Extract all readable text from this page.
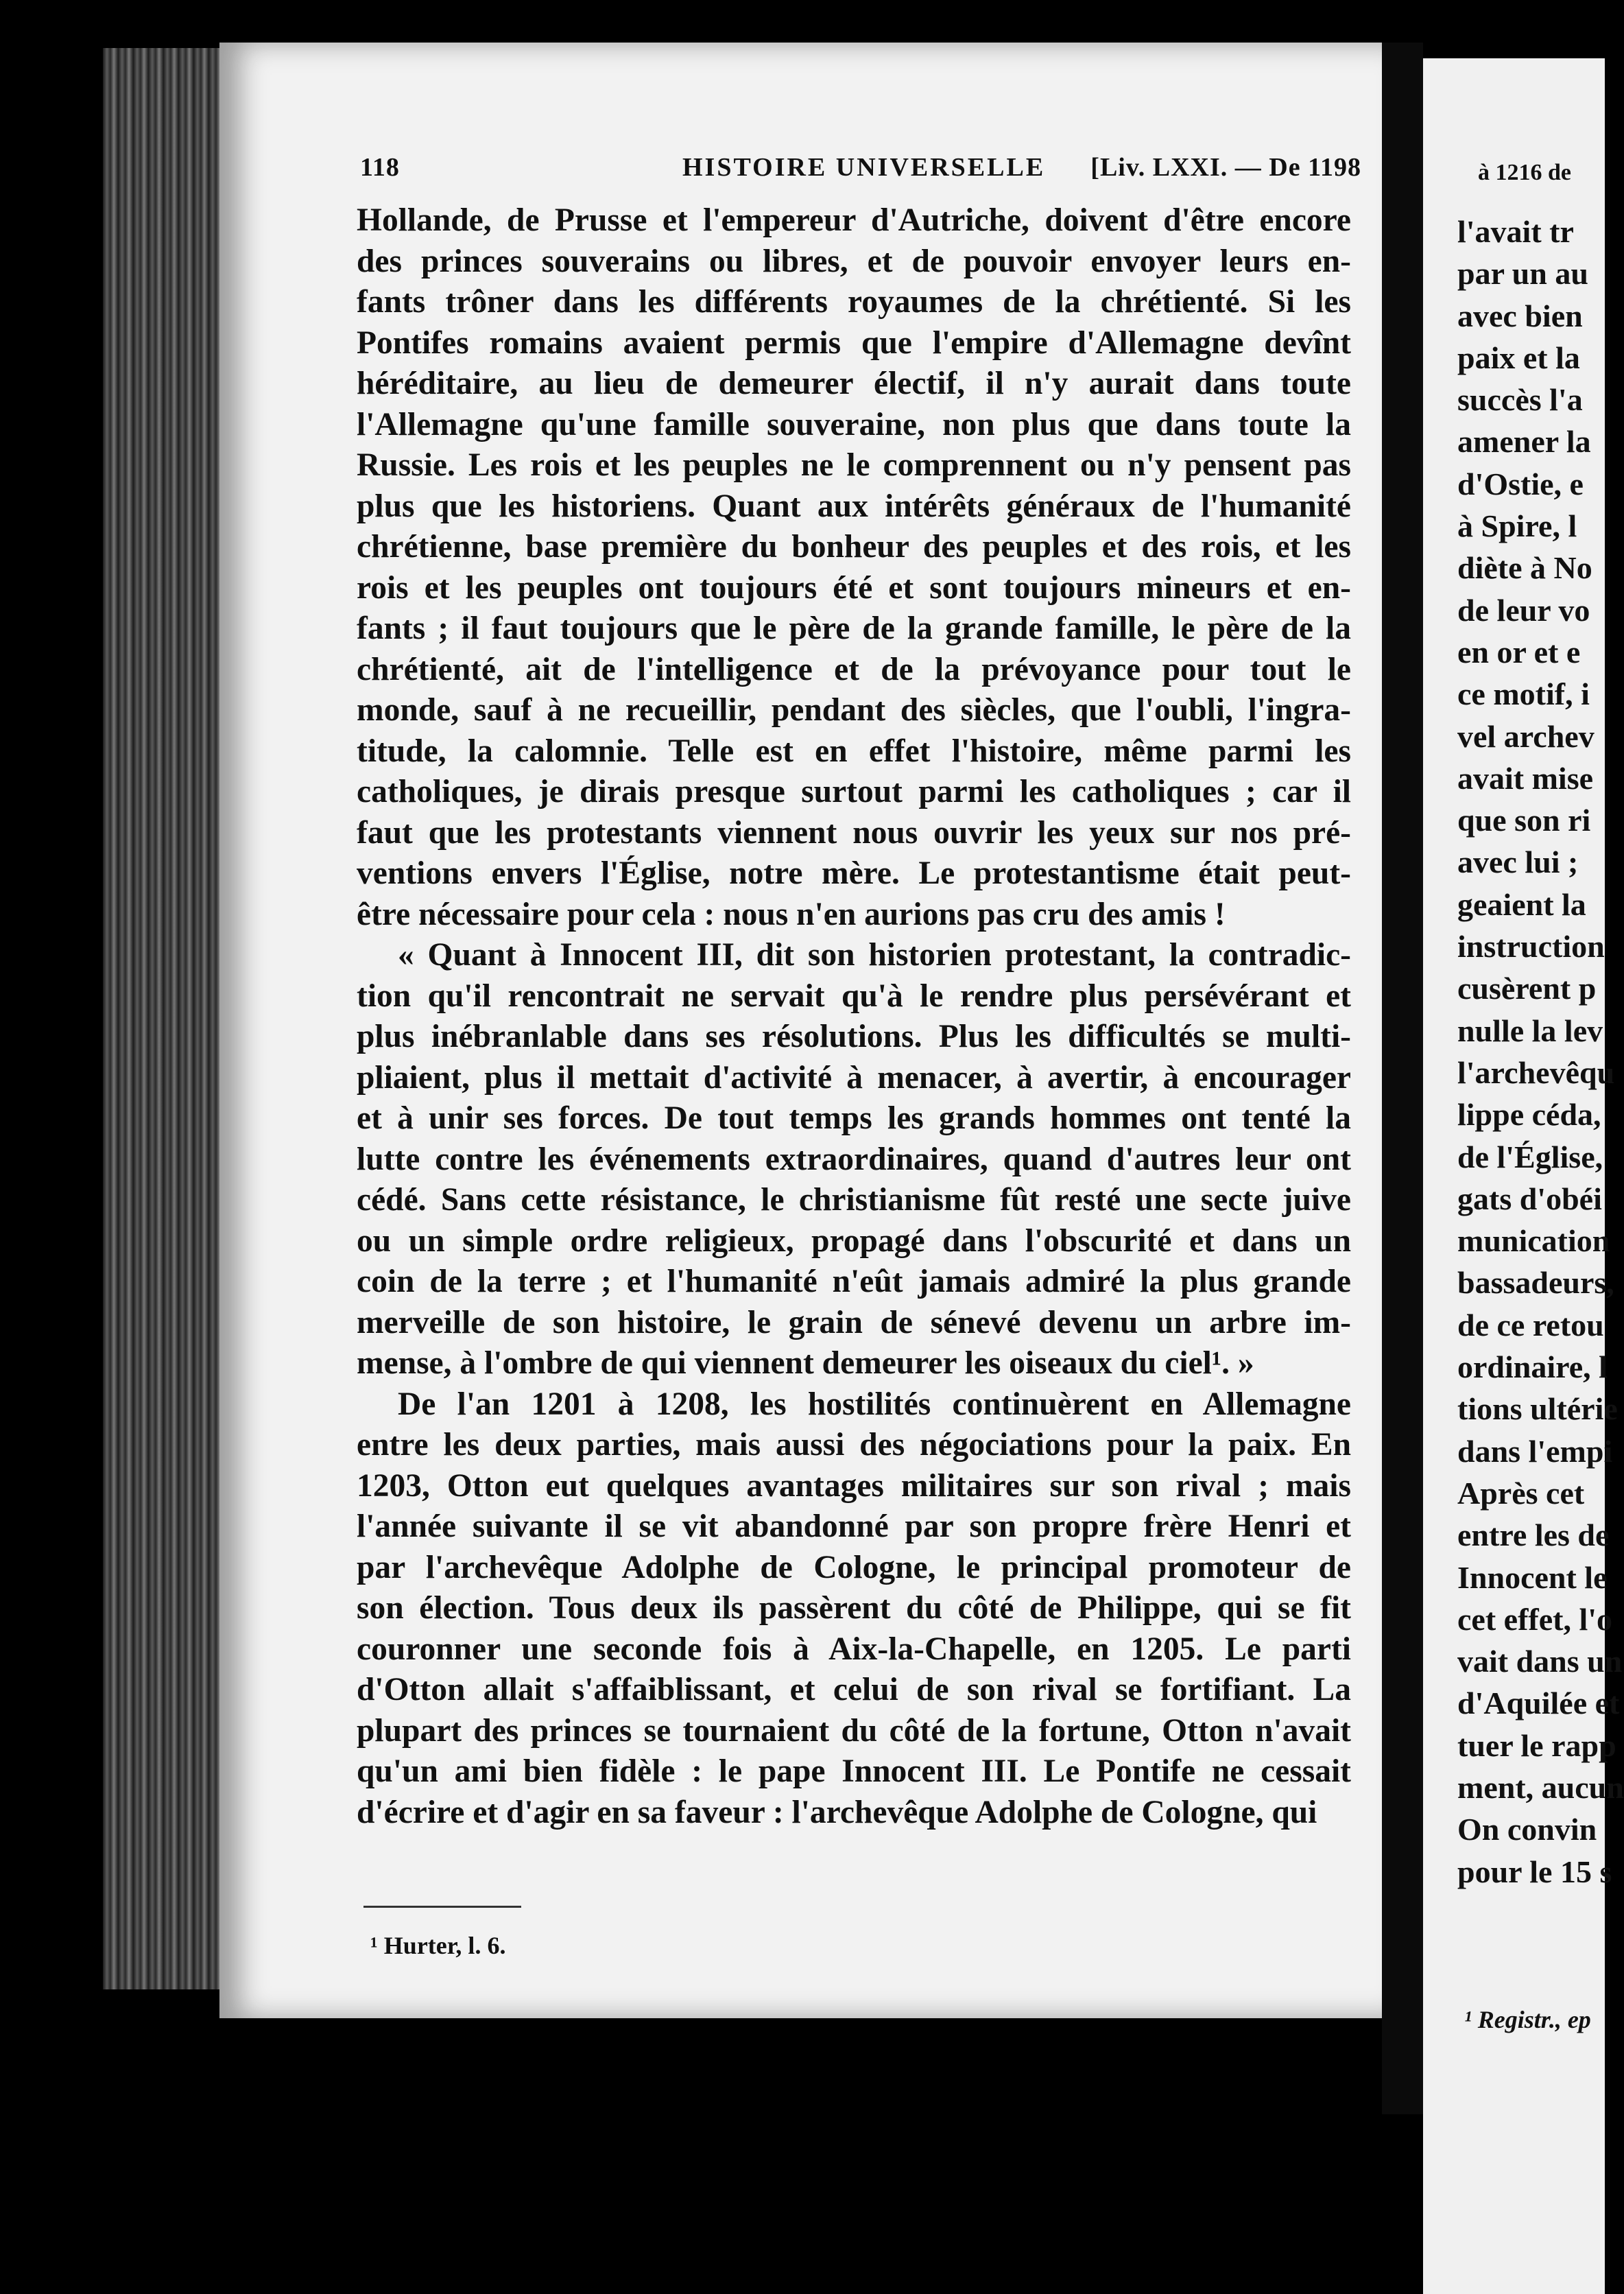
118	HISTOIRE UNIVERSELLE [Liv. LXXI. — De 1198
Hollande, de Prusse et l'empereur d'Autriche, doivent d'être encore
des princes souverains ou libres, et de pouvoir envoyer leurs en-
fants trôner dans les différents royaumes de la chrétienté. Si les
Pontifes romains avaient permis que l'empire d'Allemagne devînt
héréditaire, au lieu de demeurer électif, il n'y aurait dans toute
l'Allemagne qu'une famille souveraine, non plus que dans toute la
Russie. Les rois et les peuples ne le comprennent ou n'y pensent pas
plus que les historiens. Quant aux intérêts généraux de l'humanité
chrétienne, base première du bonheur des peuples et des rois, et les
rois et les peuples ont toujours été et sont toujours mineurs et en-
fants ; il faut toujours que le père de la grande famille, le père de la
chrétienté, ait de l'intelligence et de la prévoyance pour tout le
monde, sauf à ne recueillir, pendant des siècles, que l'oubli, l'ingra-
titude, la calomnie. Telle est en effet l'histoire, même parmi les
catholiques, je dirais presque surtout parmi les catholiques ; car il
faut que les protestants viennent nous ouvrir les yeux sur nos pré-
ventions envers l'Église, notre mère. Le protestantisme était peut-
être nécessaire pour cela : nous n'en aurions pas cru des amis !
« Quant à Innocent III, dit son historien protestant, la contradic-
tion qu'il rencontrait ne servait qu'à le rendre plus persévérant et
plus inébranlable dans ses résolutions. Plus les difficultés se multi-
pliaient, plus il mettait d'activité à menacer, à avertir, à encourager
et à unir ses forces. De tout temps les grands hommes ont tenté la
lutte contre les événements extraordinaires, quand d'autres leur ont
cédé. Sans cette résistance, le christianisme fût resté une secte juive
ou un simple ordre religieux, propagé dans l'obscurité et dans un
coin de la terre ; et l'humanité n'eût jamais admiré la plus grande
merveille de son histoire, le grain de sénevé devenu un arbre im-
mense, à l'ombre de qui viennent demeurer les oiseaux du ciel¹. »
De l'an 1201 à 1208, les hostilités continuèrent en Allemagne
entre les deux parties, mais aussi des négociations pour la paix. En
1203, Otton eut quelques avantages militaires sur son rival ; mais
l'année suivante il se vit abandonné par son propre frère Henri et
par l'archevêque Adolphe de Cologne, le principal promoteur de
son élection. Tous deux ils passèrent du côté de Philippe, qui se fit
couronner une seconde fois à Aix-la-Chapelle, en 1205. Le parti
d'Otton allait s'affaiblissant, et celui de son rival se fortifiant. La
plupart des princes se tournaient du côté de la fortune, Otton n'avait
qu'un ami bien fidèle : le pape Innocent III. Le Pontife ne cessait
d'écrire et d'agir en sa faveur : l'archevêque Adolphe de Cologne, qui
¹ Hurter, l. 6.
à 1216 de
l'avait tr
par un au
avec bien
paix et la
succès l'a
amener la
d'Ostie, e
à Spire, l
diète à No
de leur vo
en or et e
ce motif, i
vel archev
avait mise
que son ri
avec lui ;
geaient la
instruction
cusèrent p
nulle la lev
l'archevêqu
lippe céda,
de l'Église,
gats d'obéi
munication
bassadeurs,
de ce retou
ordinaire, l
tions ultérie
dans l'empi
Après cet
entre les de
Innocent le
cet effet, l'o
vait dans un
d'Aquilée et
tuer le rapp
ment, aucun
On convin
pour le 15 s
¹ Registr., ep
